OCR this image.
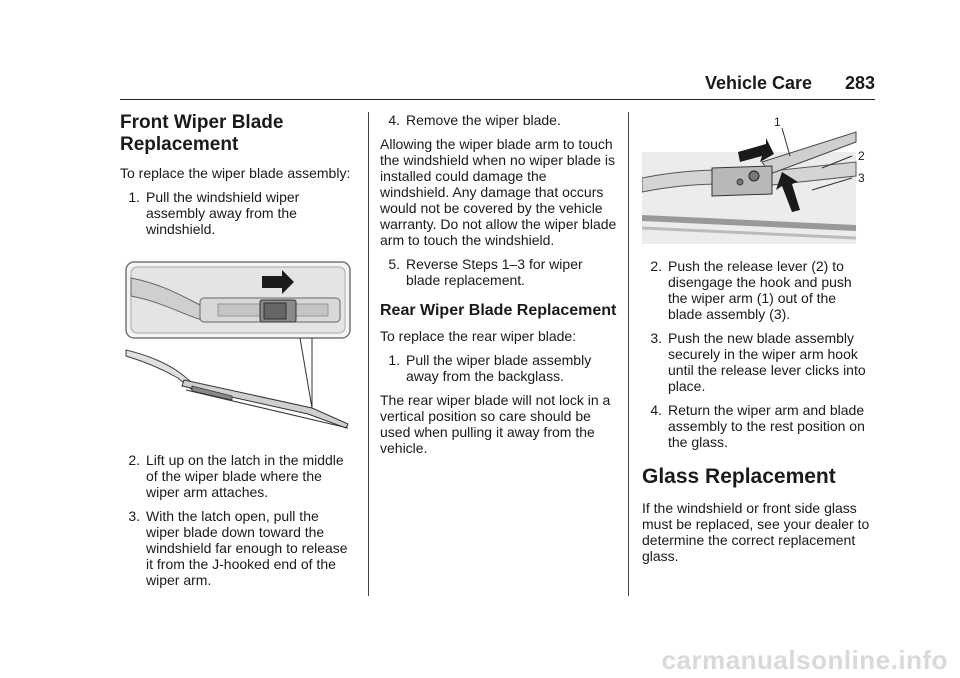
Vehicle Care 283
Front Wiper Blade Replacement

To replace the wiper blade assembly:

1. Pull the windshield wiper assembly away from the windshield.
2. Lift up on the latch in the middle of the wiper blade where the wiper arm attaches.
3. With the latch open, pull the wiper blade down toward the windshield far enough to release it from the J-hooked end of the wiper arm.
4. Remove the wiper blade.

Allowing the wiper blade arm to touch the windshield when no wiper blade is installed could damage the windshield. Any damage that occurs would not be covered by the vehicle warranty. Do not allow the wiper blade arm to touch the windshield.

5. Reverse Steps 1–3 for wiper blade replacement.
Rear Wiper Blade Replacement

To replace the rear wiper blade:

1. Pull the wiper blade assembly away from the backglass.

The rear wiper blade will not lock in a vertical position so care should be used when pulling it away from the vehicle.

1
2
3
2. Push the release lever (2) to disengage the hook and push the wiper arm (1) out of the blade assembly (3).
3. Push the new blade assembly securely in the wiper arm hook until the release lever clicks into place.
4. Return the wiper arm and blade assembly to the rest position on the glass.
Glass Replacement

If the windshield or front side glass must be replaced, see your dealer to determine the correct replacement glass.

carmanualsonline.info
